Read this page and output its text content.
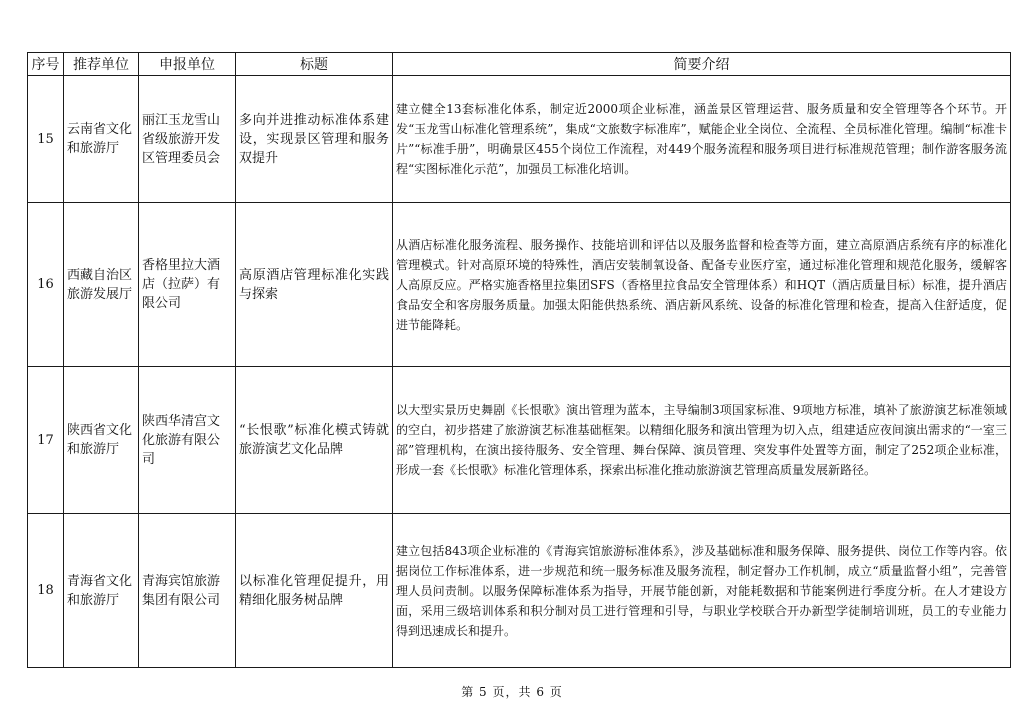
序号	推荐单位	申报单位	标题	简要介绍
15	云南省文化和旅游厅	丽江玉龙雪山省级旅游开发区管理委员会	多向并进推动标准体系建设，实现景区管理和服务双提升	建立健全13套标准化体系，制定近2000项企业标准，涵盖景区管理运营、服务质量和安全管理等各个环节。开发“玉龙雪山标准化管理系统”，集成“文旅数字标准库”，赋能企业全岗位、全流程、全员标准化管理。编制“标准卡片”“标准手册”，明确景区455个岗位工作流程，对449个服务流程和服务项目进行标准规范管理；制作游客服务流程“实图标准化示范”，加强员工标准化培训。
16	西藏自治区旅游发展厅	香格里拉大酒店（拉萨）有限公司	高原酒店管理标准化实践与探索	从酒店标准化服务流程、服务操作、技能培训和评估以及服务监督和检查等方面，建立高原酒店系统有序的标准化管理模式。针对高原环境的特殊性，酒店安装制氧设备、配备专业医疗室，通过标准化管理和规范化服务，缓解客人高原反应。严格实施香格里拉集团SFS（香格里拉食品安全管理体系）和HQT（酒店质量目标）标准，提升酒店食品安全和客房服务质量。加强太阳能供热系统、酒店新风系统、设备的标准化管理和检查，提高入住舒适度，促进节能降耗。
17	陕西省文化和旅游厅	陕西华清宫文化旅游有限公司	“长恨歌”标准化模式铸就旅游演艺文化品牌	以大型实景历史舞剧《长恨歌》演出管理为蓝本，主导编制3项国家标准、9项地方标准，填补了旅游演艺标准领域的空白，初步搭建了旅游演艺标准基础框架。以精细化服务和演出管理为切入点，组建适应夜间演出需求的“一室三部”管理机构，在演出接待服务、安全管理、舞台保障、演员管理、突发事件处置等方面，制定了252项企业标准，形成一套《长恨歌》标准化管理体系，探索出标准化推动旅游演艺管理高质量发展新路径。
18	青海省文化和旅游厅	青海宾馆旅游集团有限公司	以标准化管理促提升，用精细化服务树品牌	建立包括843项企业标准的《青海宾馆旅游标准体系》，涉及基础标准和服务保障、服务提供、岗位工作等内容。依据岗位工作标准体系，进一步规范和统一服务标准及服务流程，制定督办工作机制，成立“质量监督小组”，完善管理人员问责制。以服务保障标准体系为指导，开展节能创新，对能耗数据和节能案例进行季度分析。在人才建设方面，采用三级培训体系和积分制对员工进行管理和引导，与职业学校联合开办新型学徒制培训班，员工的专业能力得到迅速成长和提升。
第 5 页，共 6 页
